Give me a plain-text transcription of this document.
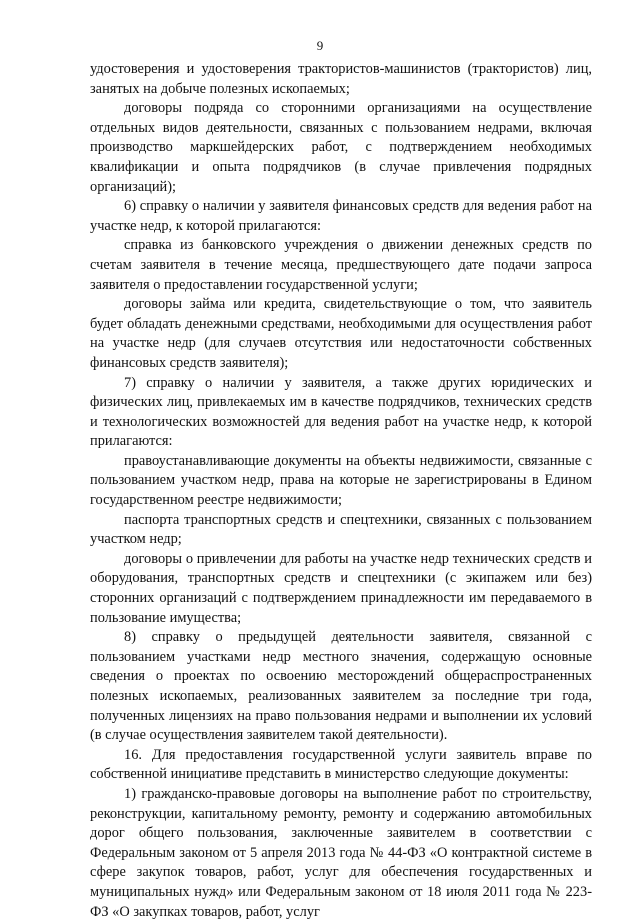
9

удостоверения и удостоверения трактористов-машинистов (трактористов) лиц, занятых на добыче полезных ископаемых;

договоры подряда со сторонними организациями на осуществление отдельных видов деятельности, связанных с пользованием недрами, включая производство маркшейдерских работ, с подтверждением необходимых квалификации и опыта подрядчиков (в случае привлечения подрядных организаций);

6) справку о наличии у заявителя финансовых средств для ведения работ на участке недр, к которой прилагаются:

справка из банковского учреждения о движении денежных средств по счетам заявителя в течение месяца, предшествующего дате подачи запроса заявителя о предоставлении государственной услуги;

договоры займа или кредита, свидетельствующие о том, что заявитель будет обладать денежными средствами, необходимыми для осуществления работ на участке недр (для случаев отсутствия или недостаточности собственных финансовых средств заявителя);

7) справку о наличии у заявителя, а также других юридических и физических лиц, привлекаемых им в качестве подрядчиков, технических средств и технологических возможностей для ведения работ на участке недр, к которой прилагаются:

правоустанавливающие документы на объекты недвижимости, связанные с пользованием участком недр, права на которые не зарегистрированы в Едином государственном реестре недвижимости;

паспорта транспортных средств и спецтехники, связанных с пользованием участком недр;

договоры о привлечении для работы на участке недр технических средств и оборудования, транспортных средств и спецтехники (с экипажем или без) сторонних организаций с подтверждением принадлежности им передаваемого в пользование имущества;

8) справку о предыдущей деятельности заявителя, связанной с пользованием участками недр местного значения, содержащую основные сведения о проектах по освоению месторождений общераспространенных полезных ископаемых, реализованных заявителем за последние три года, полученных лицензиях на право пользования недрами и выполнении их условий (в случае осуществления заявителем такой деятельности).

16. Для предоставления государственной услуги заявитель вправе по собственной инициативе представить в министерство следующие документы:

1) гражданско-правовые договоры на выполнение работ по строительству, реконструкции, капитальному ремонту, ремонту и содержанию автомобильных дорог общего пользования, заключенные заявителем в соответствии с Федеральным законом от 5 апреля 2013 года № 44-ФЗ «О контрактной системе в сфере закупок товаров, работ, услуг для обеспечения государственных и муниципальных нужд» или Федеральным законом от 18 июля 2011 года № 223-ФЗ «О закупках товаров, работ, услуг
